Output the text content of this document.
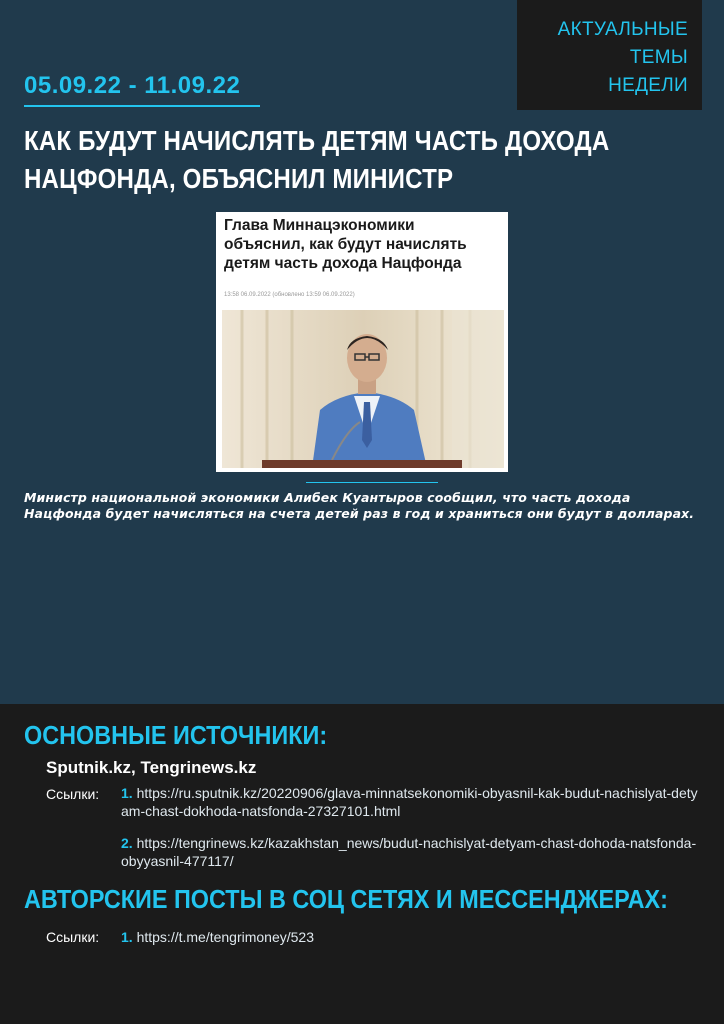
АКТУАЛЬНЫЕ ТЕМЫ
НЕДЕЛИ
05.09.22 - 11.09.22
КАК БУДУТ НАЧИСЛЯТЬ ДЕТЯМ ЧАСТЬ ДОХОДА НАЦФОНДА, ОБЪЯСНИЛ МИНИСТР
Глава Миннацэкономики объяснил, как будут начислять детям часть дохода Нацфонда
13:58 06.09.2022 (обновлено 13:59 06.09.2022)
Министр национальной экономики Алибек Куантыров сообщил, что часть дохода Нацфонда будет начисляться на счета детей раз в год и храниться они будут в долларах.
ОСНОВНЫЕ ИСТОЧНИКИ:
Sputnik.kz, Tengrinews.kz
Ссылки: 1. https://ru.sputnik.kz/20220906/glava-minnatsekonomiki-obyasnil-kak-budut-nachislyat-detyam-chast-dokhoda-natsfonda-27327101.html
2. https://tengrinews.kz/kazakhstan_news/budut-nachislyat-detyam-chast-dohoda-natsfonda-obyyasnil-477117/
АВТОРСКИЕ ПОСТЫ В СОЦ СЕТЯХ И МЕССЕНДЖЕРАХ:
Ссылки: 1. https://t.me/tengrimoney/523
